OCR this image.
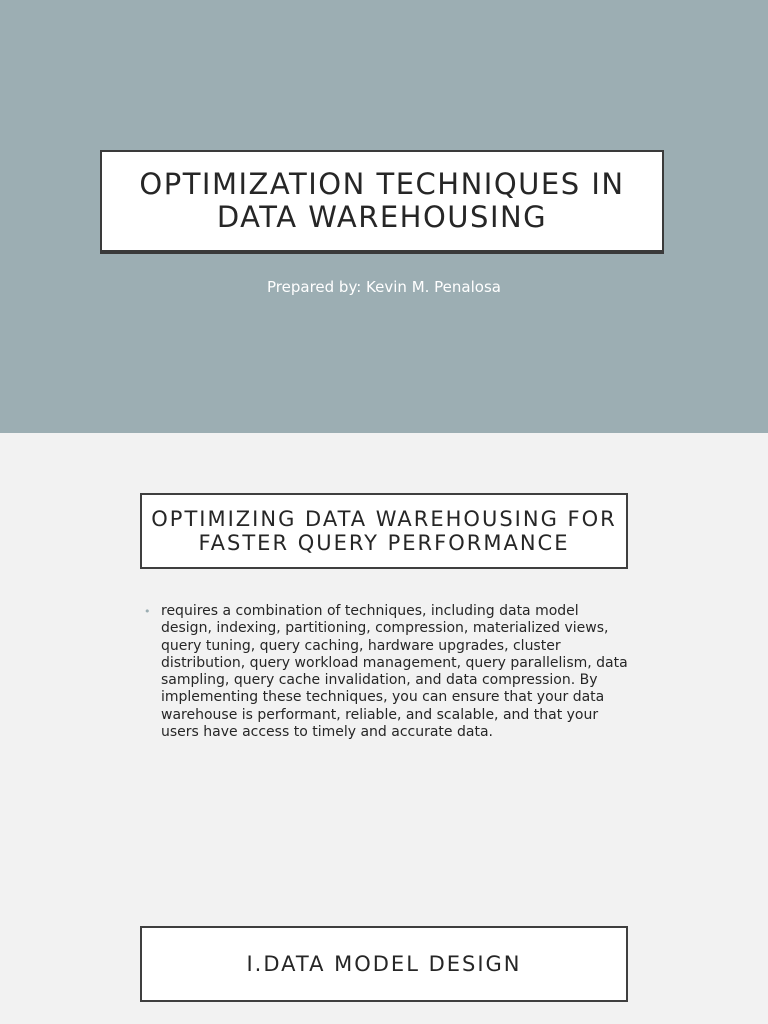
OPTIMIZATION TECHNIQUES IN DATA WAREHOUSING

Prepared by: Kevin M. Penalosa

OPTIMIZING DATA WAREHOUSING FOR FASTER QUERY PERFORMANCE
• requires a combination of techniques, including data model design, indexing, partitioning, compression, materialized views, query tuning, query caching, hardware upgrades, cluster distribution, query workload management, query parallelism, data sampling, query cache invalidation, and data compression. By implementing these techniques, you can ensure that your data warehouse is performant, reliable, and scalable, and that your users have access to timely and accurate data.
I.DATA MODEL DESIGN
